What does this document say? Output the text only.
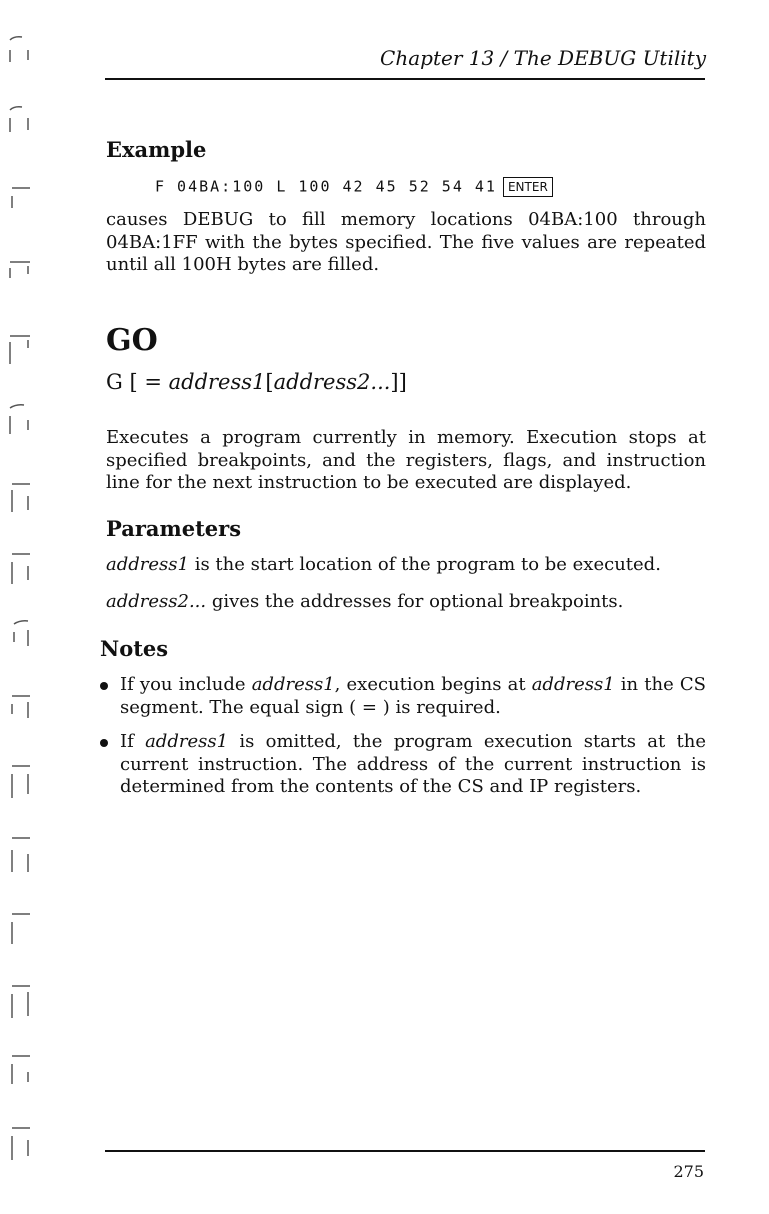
Chapter 13 / The DEBUG Utility
Example
F 04BA:100 L 100 42 45 52 54 41 ENTER
causes DEBUG to fill memory locations 04BA:100 through 04BA:1FF with the bytes specified. The five values are repeated until all 100H bytes are filled.
GO
G [ = address1[address2...]]
Executes a program currently in memory. Execution stops at specified breakpoints, and the registers, flags, and instruction line for the next instruction to be executed are displayed.
Parameters
address1 is the start location of the program to be executed.
address2... gives the addresses for optional breakpoints.
Notes
If you include address1, execution begins at address1 in the CS segment. The equal sign ( = ) is required.
If address1 is omitted, the program execution starts at the current instruction. The address of the current instruction is determined from the contents of the CS and IP registers.
275
